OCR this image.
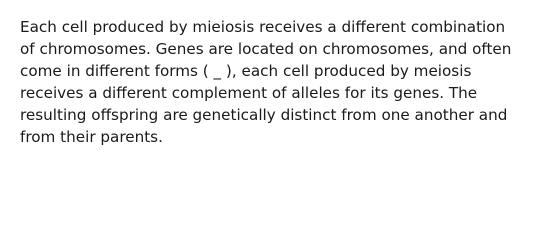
Each cell produced by mieiosis receives a different combination
of chromosomes. Genes are located on chromosomes, and often
come in different forms ( _ ), each cell produced by meiosis
receives a different complement of alleles for its genes. The
resulting offspring are genetically distinct from one another and
from their parents.
